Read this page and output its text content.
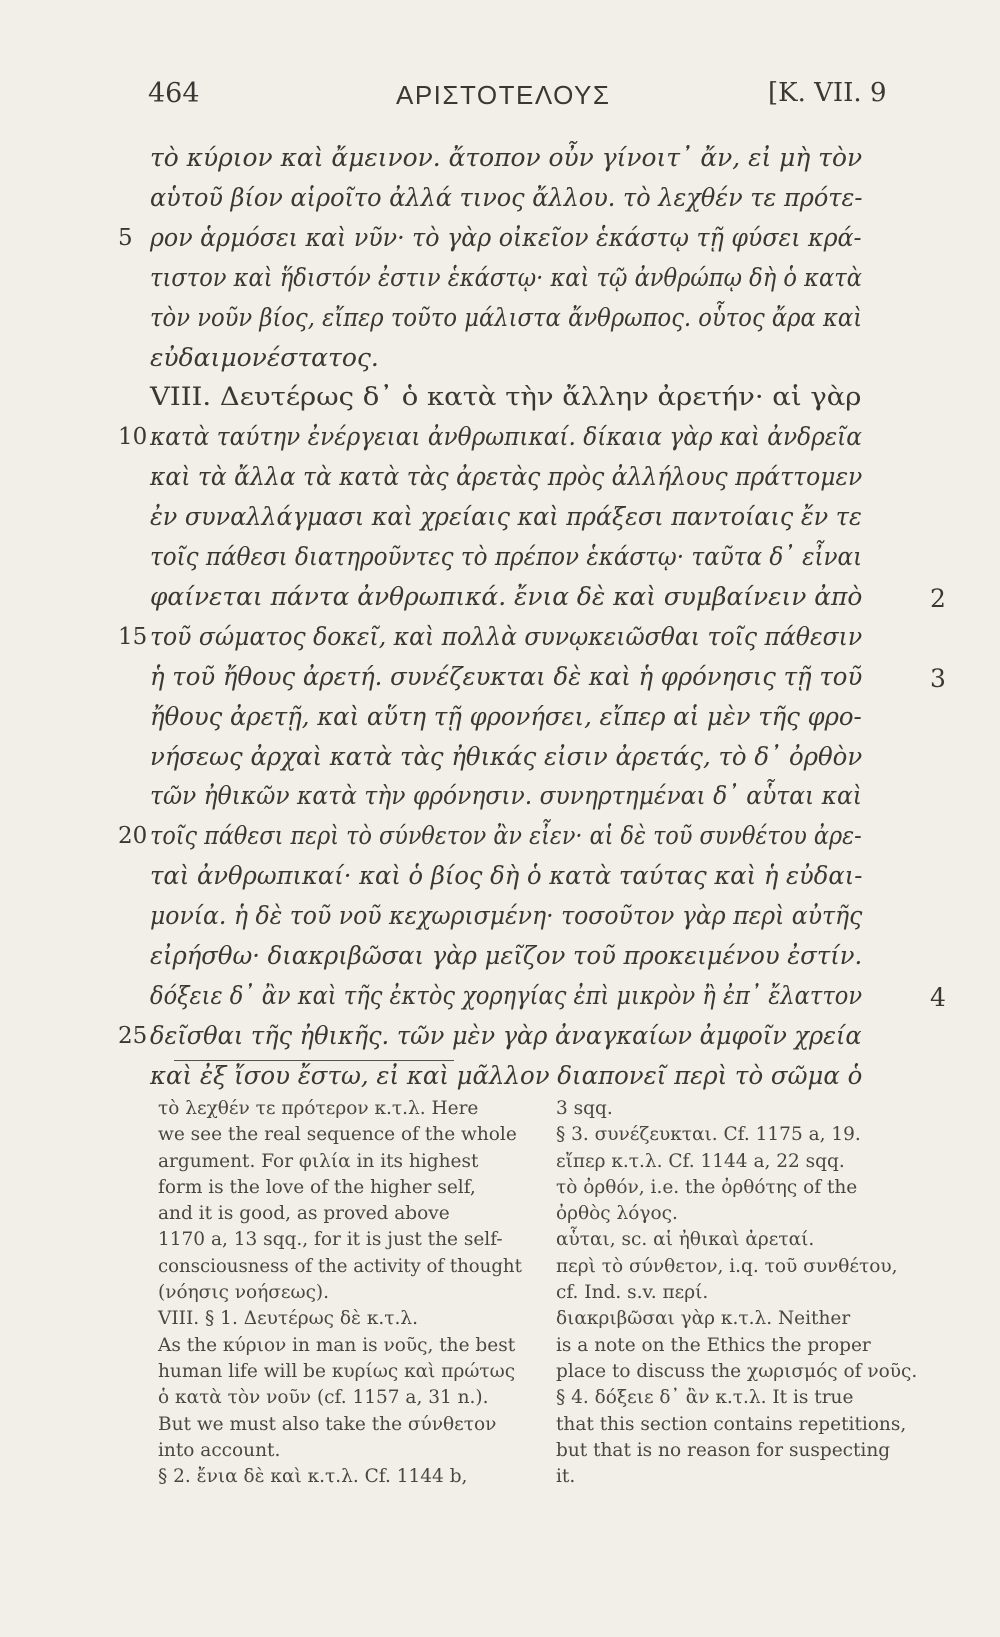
464	ΑΡΙΣΤΟΤΕΛΟΥΣ	[K. VII. 9
τὸ κύριον καὶ ἄμεινον. ἄτοπον οὖν γίνοιτ᾽ ἄν, εἰ μὴ τὸν
αὑτοῦ βίον αἱροῖτο ἀλλά τινος ἄλλου. τὸ λεχθέν τε πρότε-
ρον ἁρμόσει καὶ νῦν· τὸ γὰρ οἰκεῖον ἑκάστῳ τῇ φύσει κρά-
5
τιστον καὶ ἥδιστόν ἐστιν ἑκάστῳ· καὶ τῷ ἀνθρώπῳ δὴ ὁ κατὰ
τὸν νοῦν βίος, εἴπερ τοῦτο μάλιστα ἄνθρωπος. οὗτος ἄρα καὶ
εὐδαιμονέστατος.
VIII. Δευτέρως δ᾽ ὁ κατὰ τὴν ἄλλην ἀρετήν· αἱ γὰρ
κατὰ ταύτην ἐνέργειαι ἀνθρωπικαί. δίκαια γὰρ καὶ ἀνδρεῖα
10
καὶ τὰ ἄλλα τὰ κατὰ τὰς ἀρετὰς πρὸς ἀλλήλους πράττομεν
ἐν συναλλάγμασι καὶ χρείαις καὶ πράξεσι παντοίαις ἔν τε
τοῖς πάθεσι διατηροῦντες τὸ πρέπον ἑκάστῳ· ταῦτα δ᾽ εἶναι
φαίνεται πάντα ἀνθρωπικά. ἔνια δὲ καὶ συμβαίνειν ἀπὸ	2
τοῦ σώματος δοκεῖ, καὶ πολλὰ συνῳκειῶσθαι τοῖς πάθεσιν
15
ἡ τοῦ ἤθους ἀρετή. συνέζευκται δὲ καὶ ἡ φρόνησις τῇ τοῦ	3
ἤθους ἀρετῇ, καὶ αὕτη τῇ φρονήσει, εἴπερ αἱ μὲν τῆς φρο-
νήσεως ἀρχαὶ κατὰ τὰς ἠθικάς εἰσιν ἀρετάς, τὸ δ᾽ ὀρθὸν
τῶν ἠθικῶν κατὰ τὴν φρόνησιν. συνηρτημέναι δ᾽ αὗται καὶ
τοῖς πάθεσι περὶ τὸ σύνθετον ἂν εἶεν· αἱ δὲ τοῦ συνθέτου ἀρε-
20
ταὶ ἀνθρωπικαί· καὶ ὁ βίος δὴ ὁ κατὰ ταύτας καὶ ἡ εὐδαι-
μονία. ἡ δὲ τοῦ νοῦ κεχωρισμένη· τοσοῦτον γὰρ περὶ αὐτῆς
εἰρήσθω· διακριβῶσαι γὰρ μεῖζον τοῦ προκειμένου ἐστίν.
δόξειε δ᾽ ἂν καὶ τῆς ἐκτὸς χορηγίας ἐπὶ μικρὸν ἢ ἐπ᾽ ἔλαττον	4
δεῖσθαι τῆς ἠθικῆς. τῶν μὲν γὰρ ἀναγκαίων ἀμφοῖν χρεία
25
καὶ ἐξ ἴσου ἔστω, εἰ καὶ μᾶλλον διαπονεῖ περὶ τὸ σῶμα ὁ
τὸ λεχθέν τε πρότερον κ.τ.λ. Here
we see the real sequence of the whole
argument. For φιλία in its highest
form is the love of the higher self,
and it is good, as proved above
1170 a, 13 sqq., for it is just the self-
consciousness of the activity of thought
(νόησις νοήσεως).
VIII. § 1. Δευτέρως δὲ κ.τ.λ.
As the κύριον in man is νοῦς, the best
human life will be κυρίως καὶ πρώτως
ὁ κατὰ τὸν νοῦν (cf. 1157 a, 31 n.).
But we must also take the σύνθετον
into account.
§ 2. ἔνια δὲ καὶ κ.τ.λ. Cf. 1144 b,
3 sqq.
§ 3. συνέζευκται. Cf. 1175 a, 19.
εἴπερ κ.τ.λ. Cf. 1144 a, 22 sqq.
τὸ ὀρθόν, i.e. the ὀρθότης of the
ὀρθὸς λόγος.
αὗται, sc. αἱ ἠθικαὶ ἀρεταί.
περὶ τὸ σύνθετον, i.q. τοῦ συνθέτου,
cf. Ind. s.v. περί.
διακριβῶσαι γὰρ κ.τ.λ. Neither
is a note on the Ethics the proper
place to discuss the χωρισμός of νοῦς.
§ 4. δόξειε δ᾽ ἂν κ.τ.λ. It is true
that this section contains repetitions,
but that is no reason for suspecting
it.
